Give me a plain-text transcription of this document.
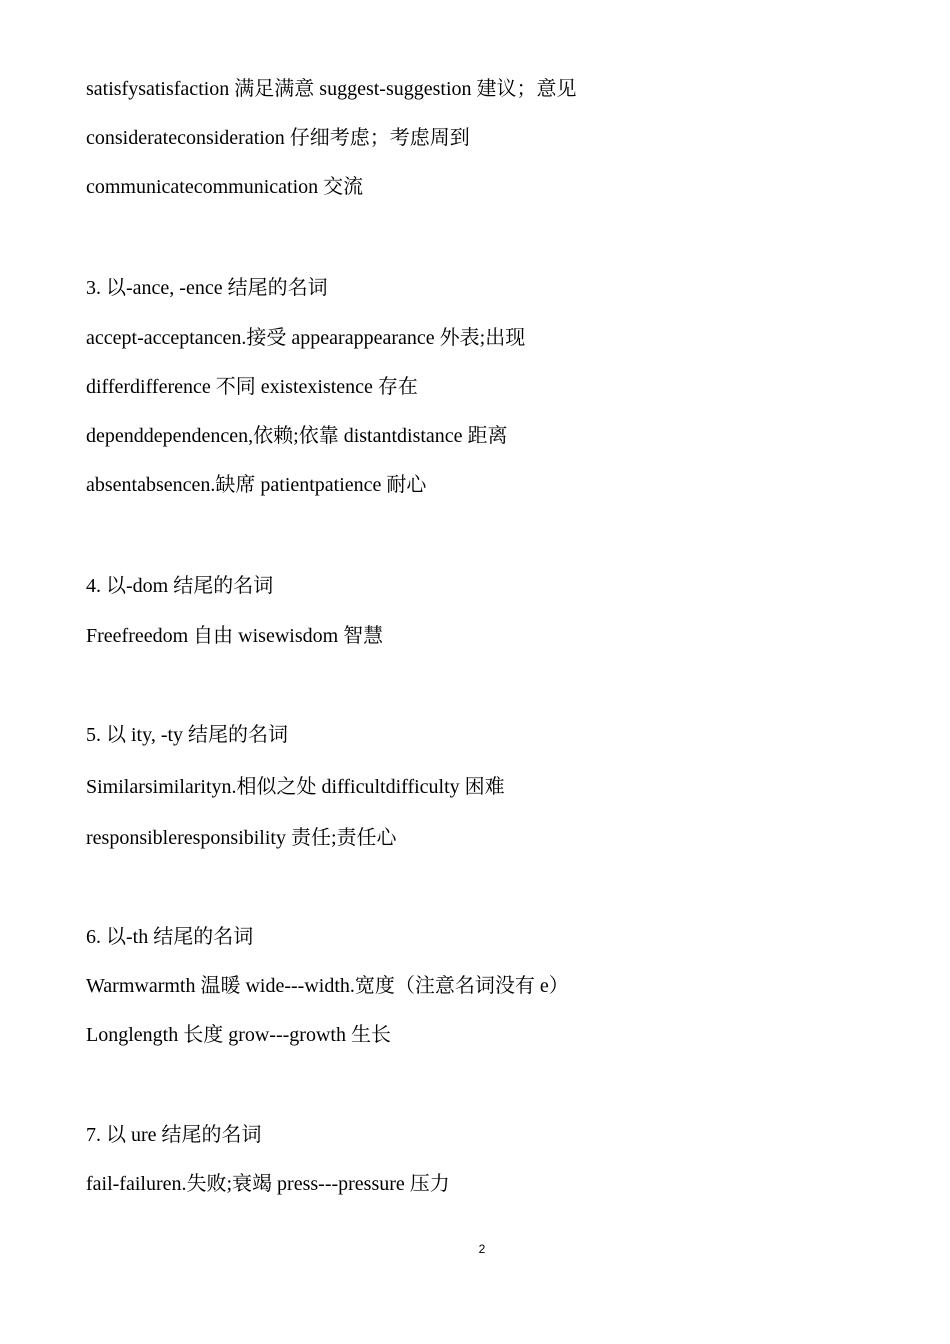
satisfysatisfaction 满足满意 suggest-suggestion 建议；意见
considerateconsideration 仔细考虑；考虑周到
communicatecommunication 交流
3. 以-ance, -ence 结尾的名词
accept-acceptancen.接受 appearappearance 外表;出现
differdifference 不同 existexistence 存在
dependdependencen,依赖;依靠 distantdistance 距离
absentabsencen.缺席 patientpatience 耐心
4. 以-dom 结尾的名词
Freefreedom 自由 wisewisdom 智慧
5. 以 ity, -ty 结尾的名词
Similarsimilarityn.相似之处 difficultdifficulty 困难
responsibleresponsibility 责任;责任心
6. 以-th 结尾的名词
Warmwarmth 温暖 wide---width.宽度（注意名词没有 e）
Longlength 长度 grow---growth 生长
7. 以 ure 结尾的名词
fail-failuren.失败;衰竭 press---pressure 压力
2
